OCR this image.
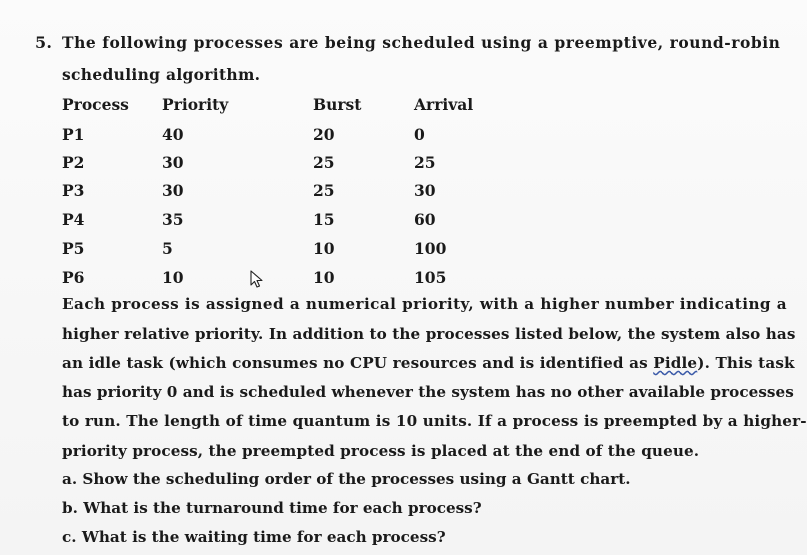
5. The following processes are being scheduled using a preemptive, round-robin
scheduling algorithm.
Process Priority	Burst	Arrival
P1	40	20	0
P2	30	25	25
P3	30	25	30
P4	35	15	60
P5	5	10	100
P6	10	10	105
Each process is assigned a numerical priority, with a higher number indicating a
higher relative priority. In addition to the processes listed below, the system also has
an idle task (which consumes no CPU resources and is identified as Pidle). This task
has priority 0 and is scheduled whenever the system has no other available processes
to run. The length of time quantum is 10 units. If a process is preempted by a higher-
priority process, the preempted process is placed at the end of the queue.
a. Show the scheduling order of the processes using a Gantt chart.
b. What is the turnaround time for each process?
c. What is the waiting time for each process?
